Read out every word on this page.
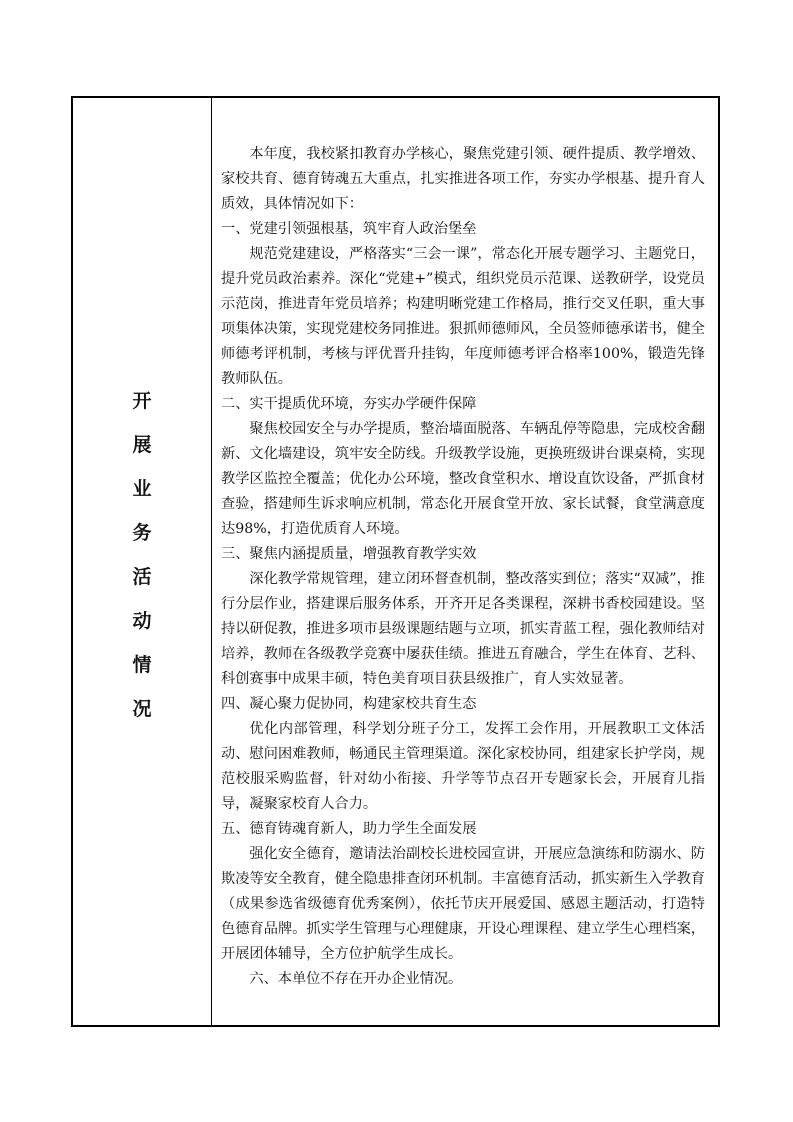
开
展
业
务
活
动
情
况

本年度，我校紧扣教育办学核心，聚焦党建引领、硬件提质、教学增效、家校共育、德育铸魂五大重点，扎实推进各项工作，夯实办学根基、提升育人质效，具体情况如下：

一、党建引领强根基，筑牢育人政治堡垒

规范党建建设，严格落实“三会一课”，常态化开展专题学习、主题党日，提升党员政治素养。深化“党建+”模式，组织党员示范课、送教研学，设党员示范岗，推进青年党员培养；构建明晰党建工作格局，推行交叉任职，重大事项集体决策，实现党建校务同推进。狠抓师德师风，全员签师德承诺书，健全师德考评机制，考核与评优晋升挂钩，年度师德考评合格率100%，锻造先锋教师队伍。

二、实干提质优环境，夯实办学硬件保障

聚焦校园安全与办学提质，整治墙面脱落、车辆乱停等隐患，完成校舍翻新、文化墙建设，筑牢安全防线。升级教学设施，更换班级讲台课桌椅，实现教学区监控全覆盖；优化办公环境，整改食堂积水、增设直饮设备，严抓食材查验，搭建师生诉求响应机制，常态化开展食堂开放、家长试餐，食堂满意度达98%，打造优质育人环境。

三、聚焦内涵提质量，增强教育教学实效

深化教学常规管理，建立闭环督查机制，整改落实到位；落实“双减”，推行分层作业，搭建课后服务体系，开齐开足各类课程，深耕书香校园建设。坚持以研促教，推进多项市县级课题结题与立项，抓实青蓝工程，强化教师结对培养，教师在各级教学竞赛中屡获佳绩。推进五育融合，学生在体育、艺科、科创赛事中成果丰硕，特色美育项目获县级推广，育人实效显著。

四、凝心聚力促协同，构建家校共育生态

优化内部管理，科学划分班子分工，发挥工会作用，开展教职工文体活动、慰问困难教师，畅通民主管理渠道。深化家校协同，组建家长护学岗，规范校服采购监督，针对幼小衔接、升学等节点召开专题家长会，开展育儿指导，凝聚家校育人合力。

五、德育铸魂育新人，助力学生全面发展

强化安全德育，邀请法治副校长进校园宣讲，开展应急演练和防溺水、防欺凌等安全教育，健全隐患排查闭环机制。丰富德育活动，抓实新生入学教育（成果参选省级德育优秀案例），依托节庆开展爱国、感恩主题活动，打造特色德育品牌。抓实学生管理与心理健康，开设心理课程、建立学生心理档案，开展团体辅导，全方位护航学生成长。

六、本单位不存在开办企业情况。
